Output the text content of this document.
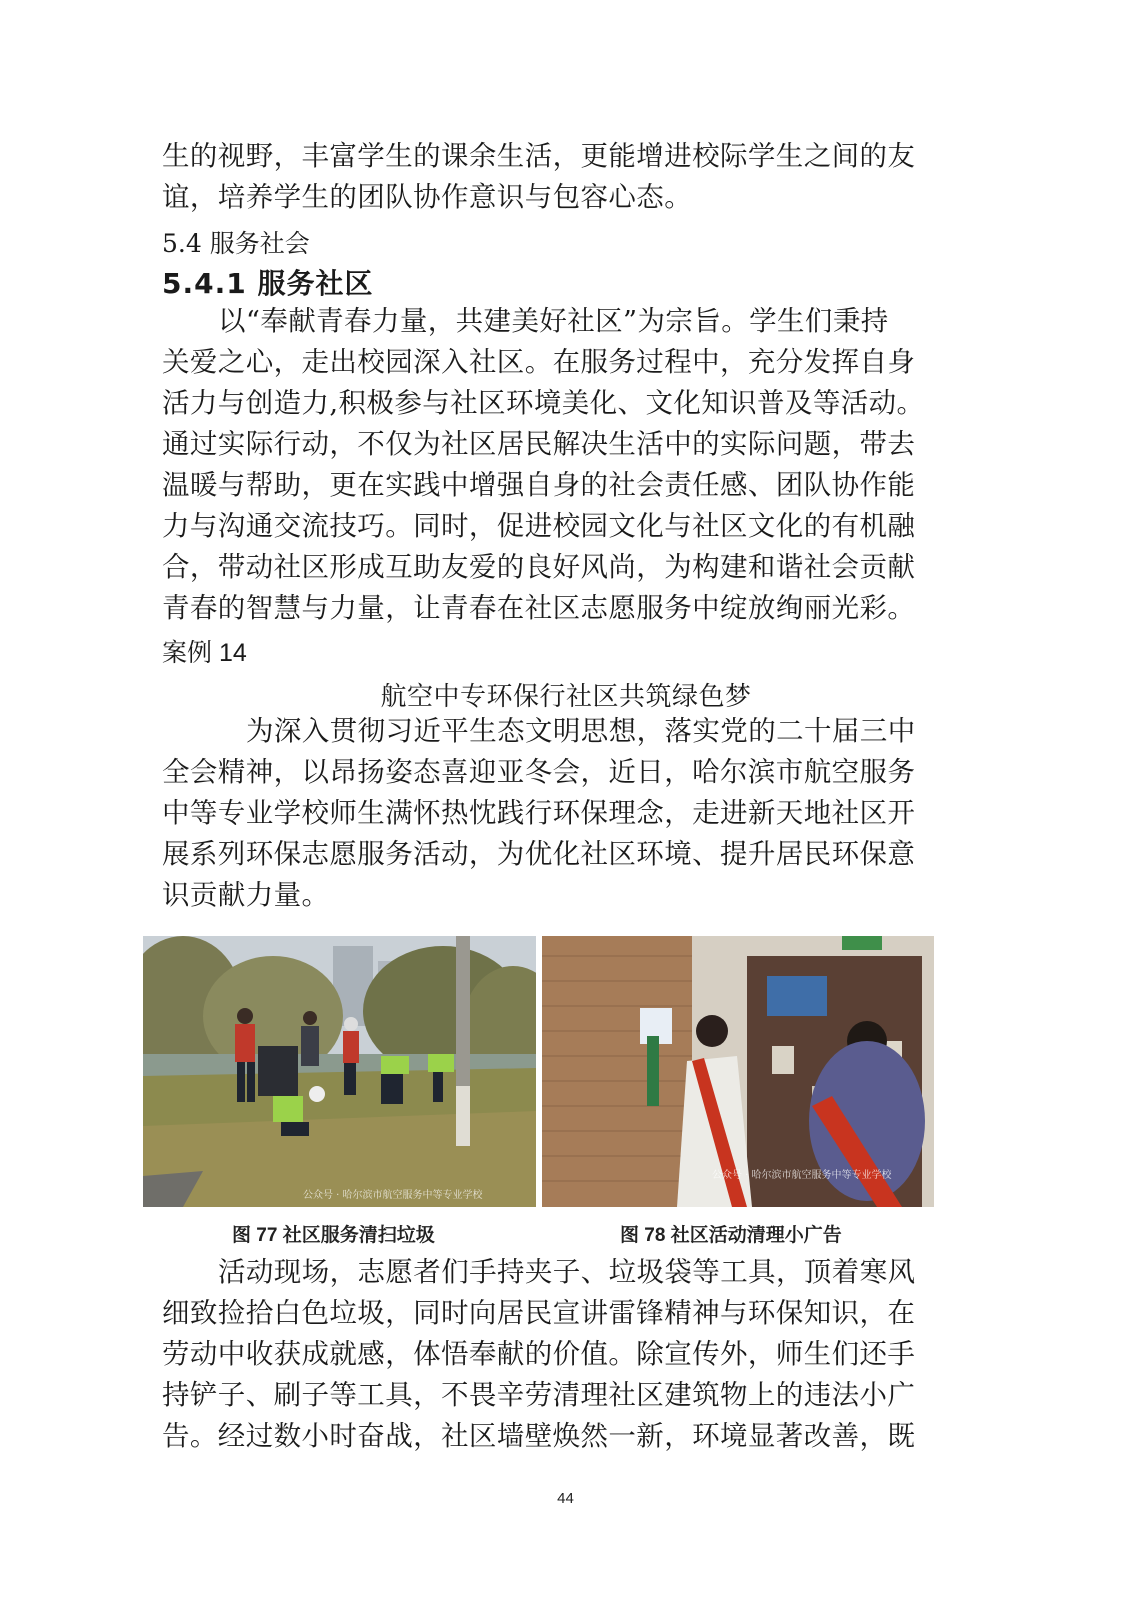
生的视野，丰富学生的课余生活，更能增进校际学生之间的友
谊，培养学生的团队协作意识与包容心态。
5.4 服务社会
5.4.1 服务社区
以“奉献青春力量，共建美好社区”为宗旨。学生们秉持
关爱之心，走出校园深入社区。在服务过程中，充分发挥自身
活力与创造力,积极参与社区环境美化、文化知识普及等活动。
通过实际行动，不仅为社区居民解决生活中的实际问题，带去
温暖与帮助，更在实践中增强自身的社会责任感、团队协作能
力与沟通交流技巧。同时，促进校园文化与社区文化的有机融
合，带动社区形成互助友爱的良好风尚，为构建和谐社会贡献
青春的智慧与力量，让青春在社区志愿服务中绽放绚丽光彩。
案例 14
航空中专环保行社区共筑绿色梦
为深入贯彻习近平生态文明思想，落实党的二十届三中
全会精神，以昂扬姿态喜迎亚冬会，近日，哈尔滨市航空服务
中等专业学校师生满怀热忱践行环保理念，走进新天地社区开
展系列环保志愿服务活动，为优化社区环境、提升居民环保意
识贡献力量。
公众号 · 哈尔滨市航空服务中等专业学校
公众号 · 哈尔滨市航空服务中等专业学校
图 77 社区服务清扫垃圾	图 78 社区活动清理小广告
活动现场，志愿者们手持夹子、垃圾袋等工具，顶着寒风
细致捡拾白色垃圾，同时向居民宣讲雷锋精神与环保知识，在
劳动中收获成就感，体悟奉献的价值。除宣传外，师生们还手
持铲子、刷子等工具，不畏辛劳清理社区建筑物上的违法小广
告。经过数小时奋战，社区墙壁焕然一新，环境显著改善，既
44
